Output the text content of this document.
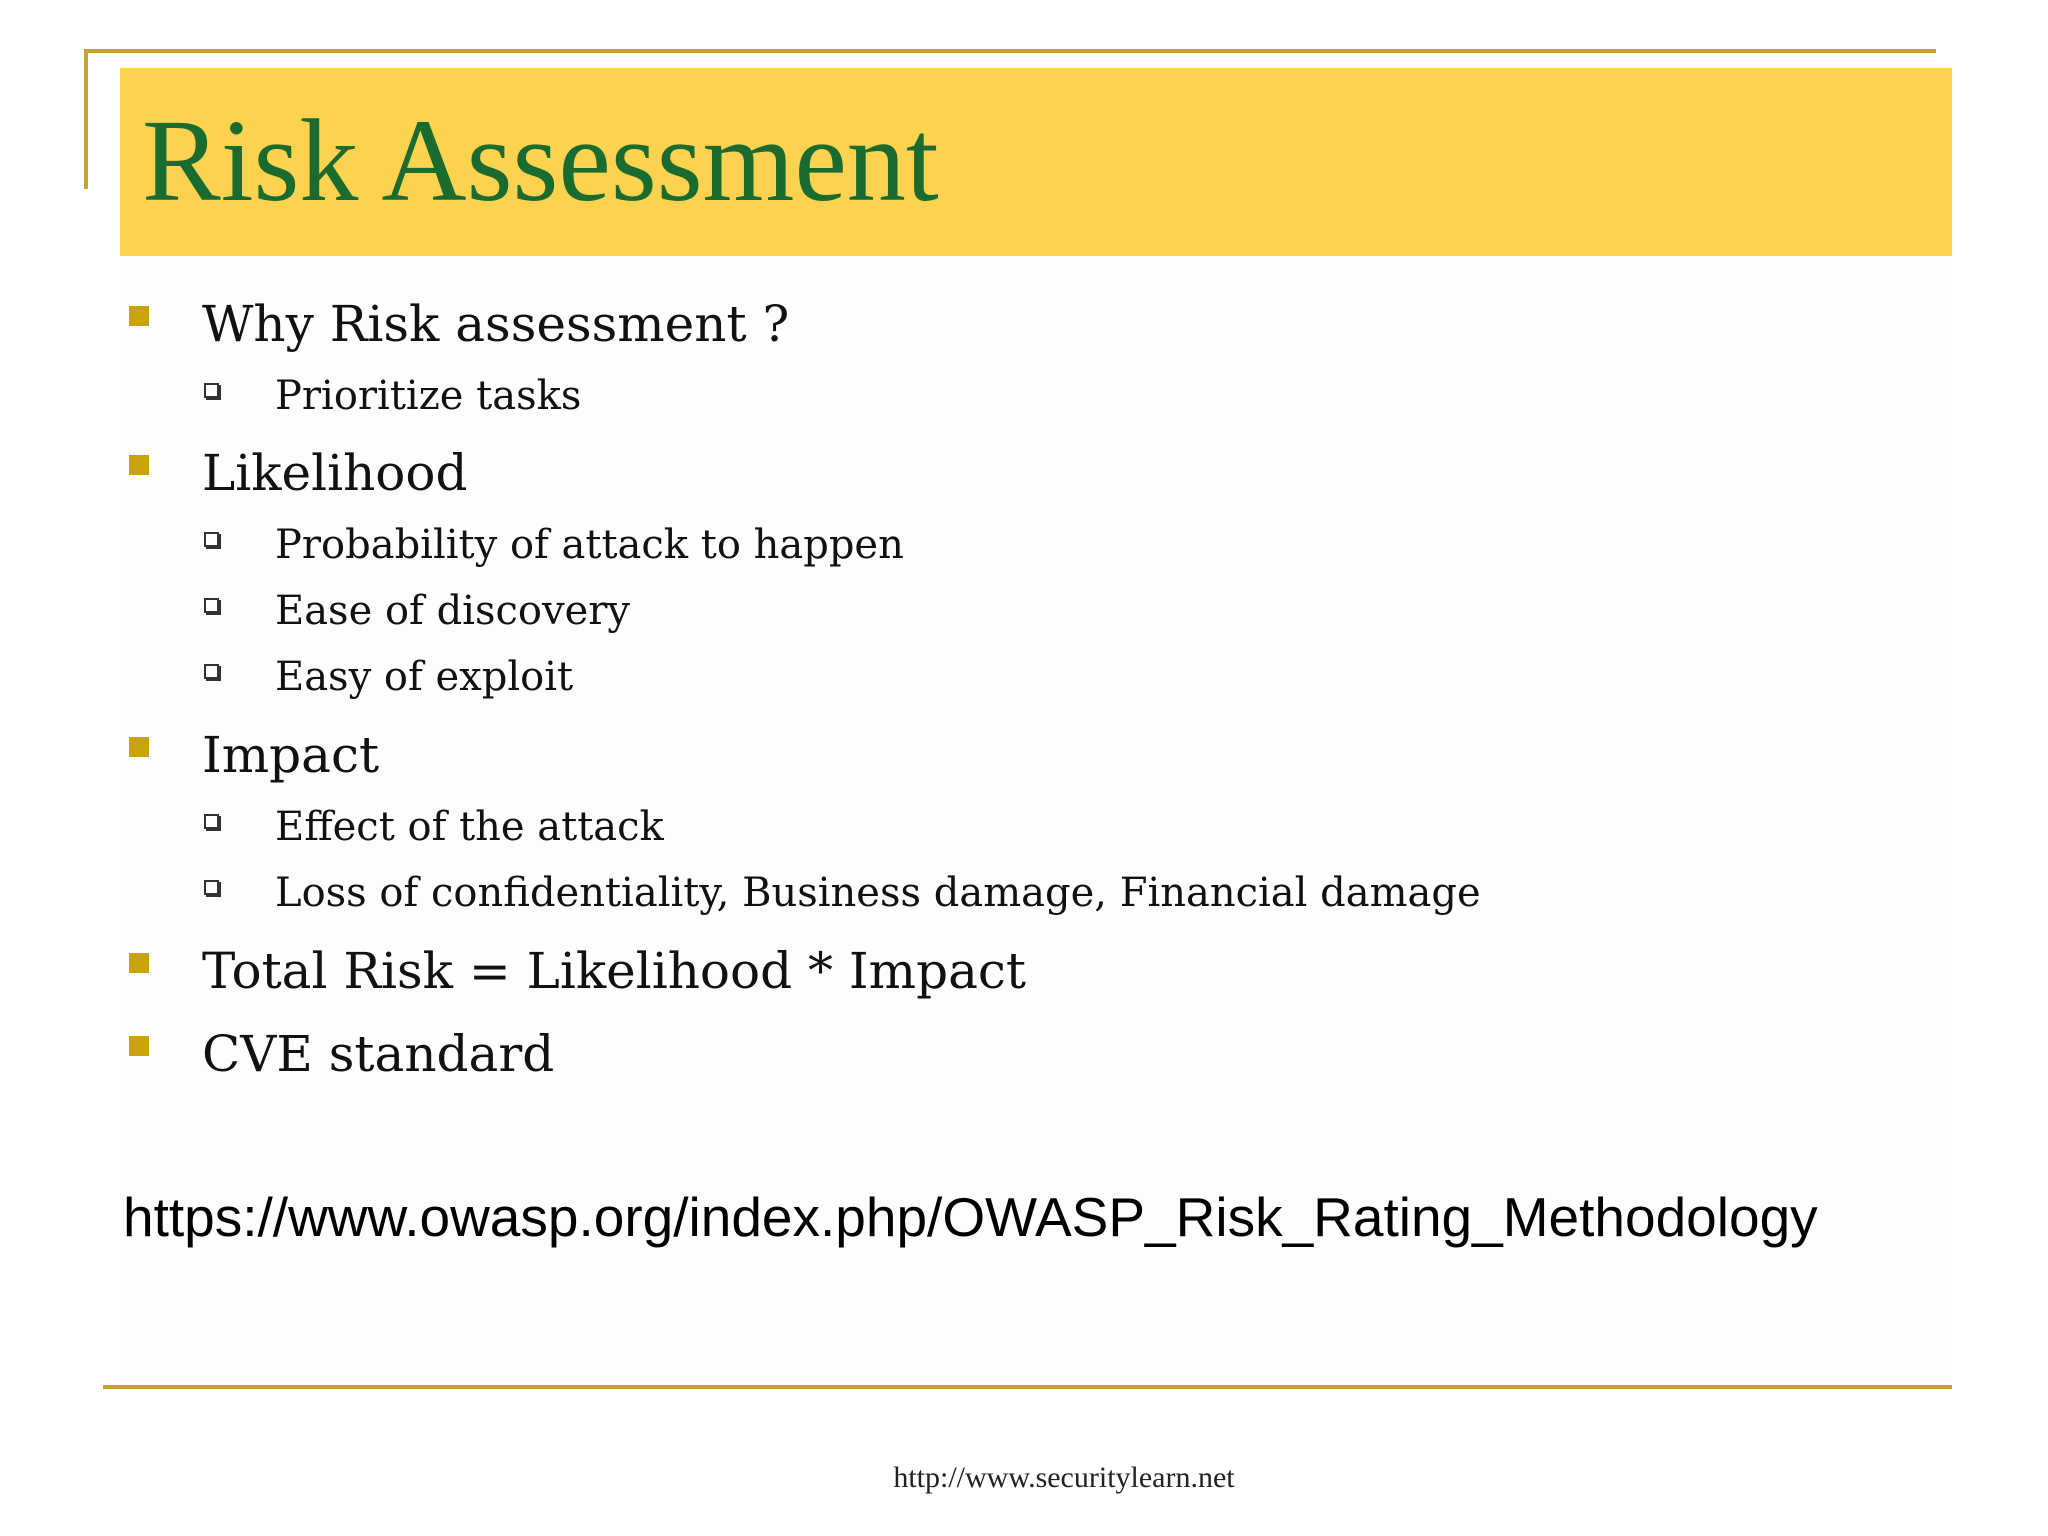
Risk Assessment
Why Risk assessment ?
Prioritize tasks
Likelihood
Probability of attack to happen
Ease of discovery
Easy of exploit
Impact
Effect of the attack
Loss of confidentiality, Business damage, Financial damage
Total Risk = Likelihood * Impact
CVE standard

https://www.owasp.org/index.php/OWASP_Risk_Rating_Methodology

http://www.securitylearn.net
